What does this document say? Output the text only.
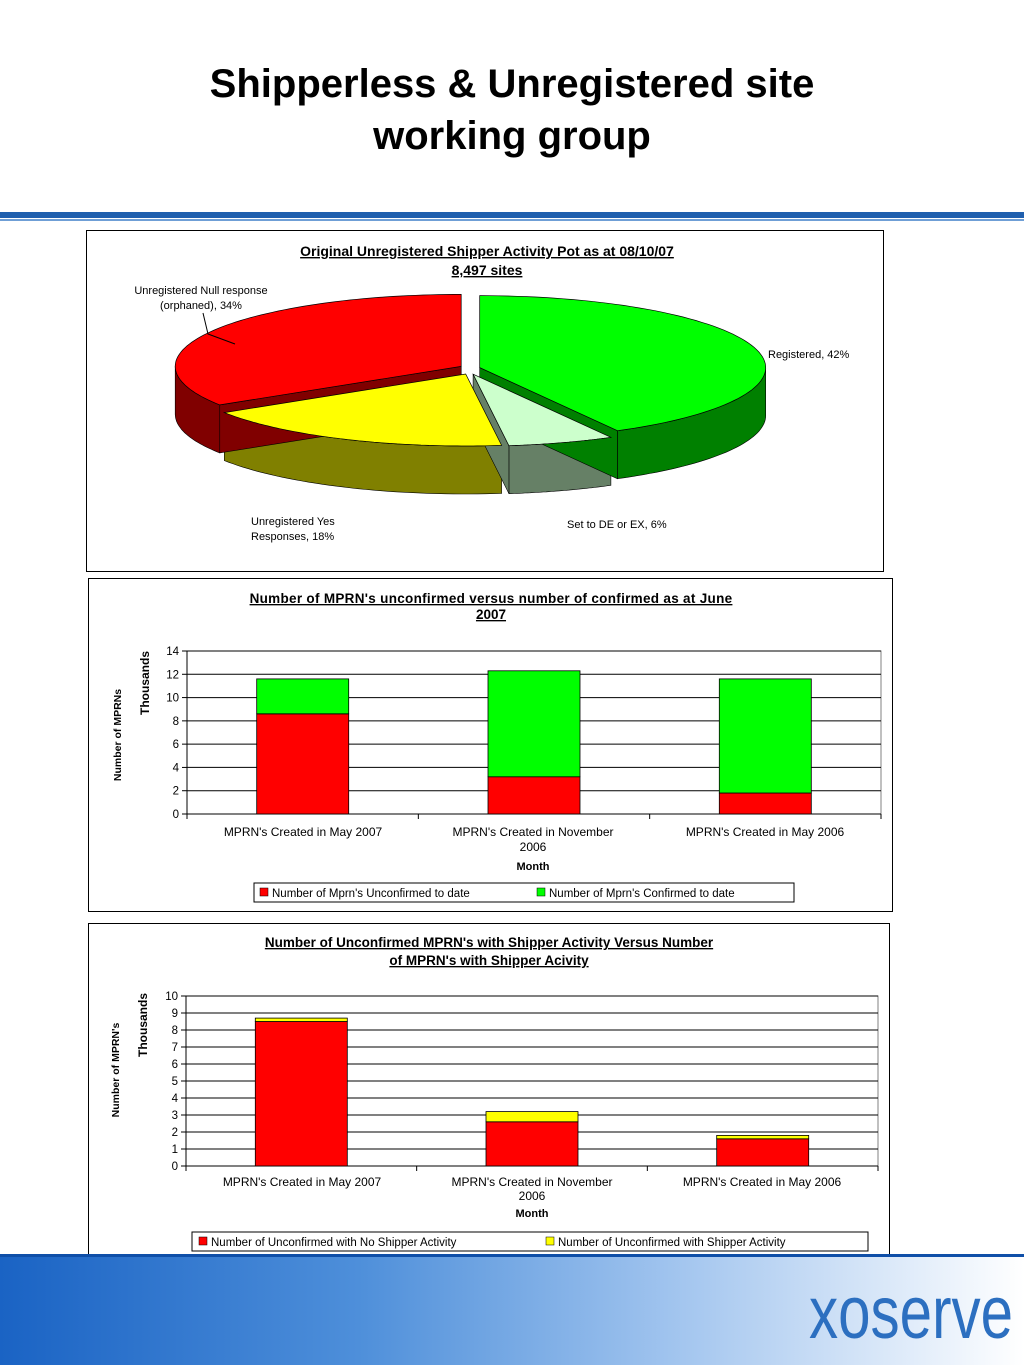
Shipperless & Unregistered site
working group
Original Unregistered Shipper Activity Pot as at 08/10/07
8,497 sites
Unregistered Null response
(orphaned), 34%
Registered, 42%
Set to DE or EX, 6%
Unregistered Yes
Responses, 18%
Number of MPRN's unconfirmed versus number of confirmed as at June
2007
Number of MPRNs
Thousands
0
2
4
6
8
10
12
14
MPRN's Created in May 2007	MPRN's Created in November
2006
MPRN's Created in May 2006
Month
Number of Mprn's Unconfirmed to date	Number of Mprn's Confirmed to date
Number of Unconfirmed MPRN's with Shipper Activity Versus Number
of MPRN's with Shipper Acivity
Number of MPRN's Thousands
0
1
2
3
4
5
6
7
8
9
10
MPRN's Created in May 2007	MPRN's Created in November
2006
MPRN's Created in May 2006
Month
Number of Unconfirmed with No Shipper Activity	Number of Unconfirmed with Shipper Activity
xoserve
